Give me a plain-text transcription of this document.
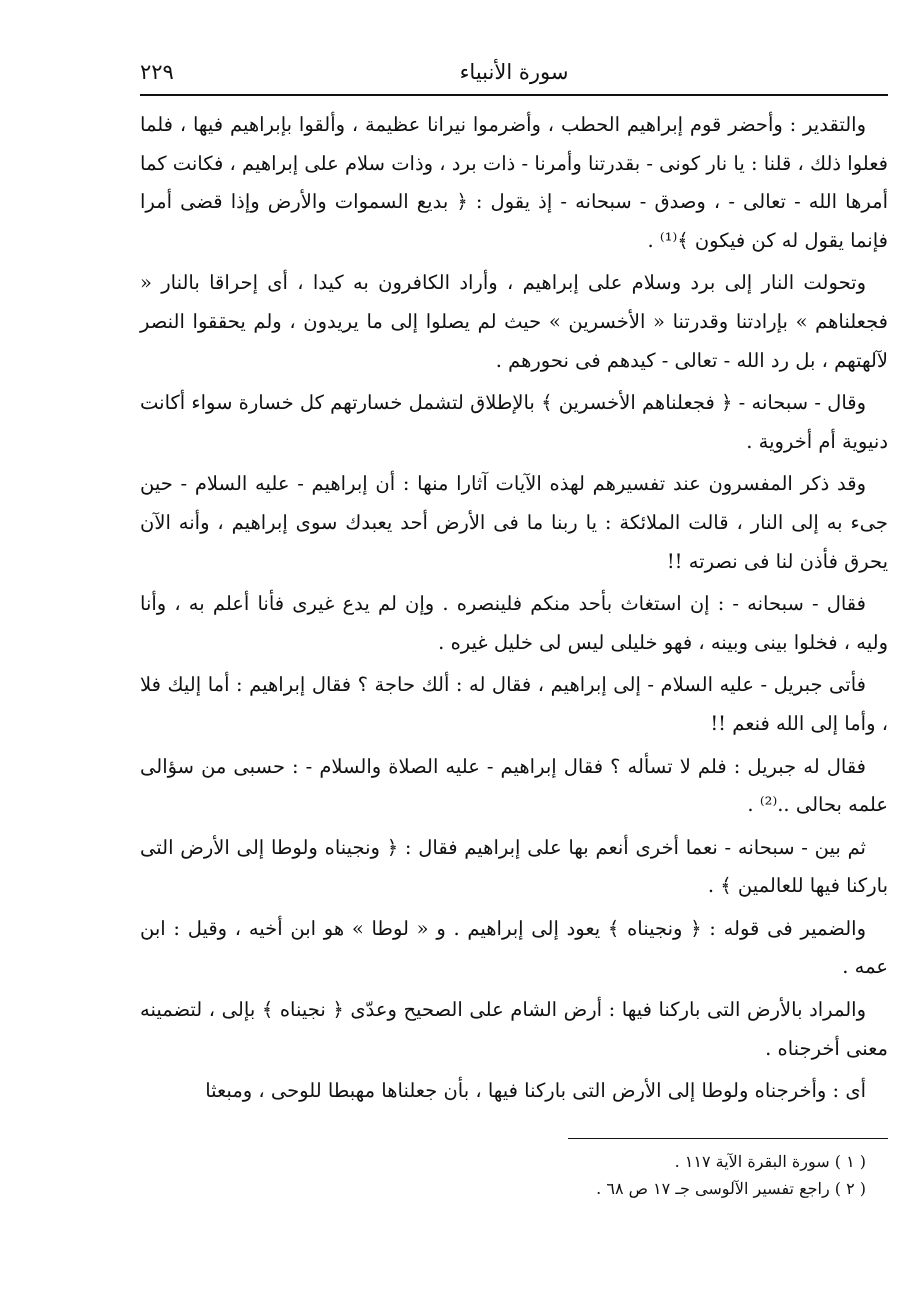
سورة الأنبياء
٢٢٩

والتقدير : وأحضر قوم إبراهيم الحطب ، وأضرموا نيرانا عظيمة ، وألقوا بإبراهيم فيها ، فلما فعلوا ذلك ، قلنا : يا نار كونى - بقدرتنا وأمرنا - ذات برد ، وذات سلام على إبراهيم ، فكانت كما أمرها الله - تعالى - ، وصدق - سبحانه - إذ يقول : ﴿ بديع السموات والأرض وإذا قضى أمرا فإنما يقول له كن فيكون ﴾⁽¹⁾ .

وتحولت النار إلى برد وسلام على إبراهيم ، وأراد الكافرون به كيدا ، أى إحراقا بالنار « فجعلناهم » بإرادتنا وقدرتنا « الأخسرين » حيث لم يصلوا إلى ما يريدون ، ولم يحققوا النصر لآلهتهم ، بل رد الله - تعالى - كيدهم فى نحورهم .

وقال - سبحانه - ﴿ فجعلناهم الأخسرين ﴾ بالإطلاق لتشمل خسارتهم كل خسارة سواء أكانت دنيوية أم أخروية .

وقد ذكر المفسرون عند تفسيرهم لهذه الآيات آثارا منها : أن إبراهيم - عليه السلام - حين جىء به إلى النار ، قالت الملائكة : يا ربنا ما فى الأرض أحد يعبدك سوى إبراهيم ، وأنه الآن يحرق فأذن لنا فى نصرته !!

فقال - سبحانه - : إن استغاث بأحد منكم فلينصره . وإن لم يدع غيرى فأنا أعلم به ، وأنا وليه ، فخلوا بينى وبينه ، فهو خليلى ليس لى خليل غيره .

فأتى جبريل - عليه السلام - إلى إبراهيم ، فقال له : ألك حاجة ؟ فقال إبراهيم : أما إليك فلا ، وأما إلى الله فنعم !!

فقال له جبريل : فلم لا تسأله ؟ فقال إبراهيم - عليه الصلاة والسلام - : حسبى من سؤالى علمه بحالى ..⁽²⁾ .

ثم بين - سبحانه - نعما أخرى أنعم بها على إبراهيم فقال : ﴿ ونجيناه ولوطا إلى الأرض التى باركنا فيها للعالمين ﴾ .

والضمير فى قوله : ﴿ ونجيناه ﴾ يعود إلى إبراهيم . و « لوطا » هو ابن أخيه ، وقيل : ابن عمه .

والمراد بالأرض التى باركنا فيها : أرض الشام على الصحيح وعدّى ﴿ نجيناه ﴾ بإلى ، لتضمينه معنى أخرجناه .

أى : وأخرجناه ولوطا إلى الأرض التى باركنا فيها ، بأن جعلناها مهبطا للوحى ، ومبعثا

( ١ ) سورة البقرة الآية ١١٧ .

( ٢ ) راجع تفسير الآلوسى جـ ١٧ ص ٦٨ .
